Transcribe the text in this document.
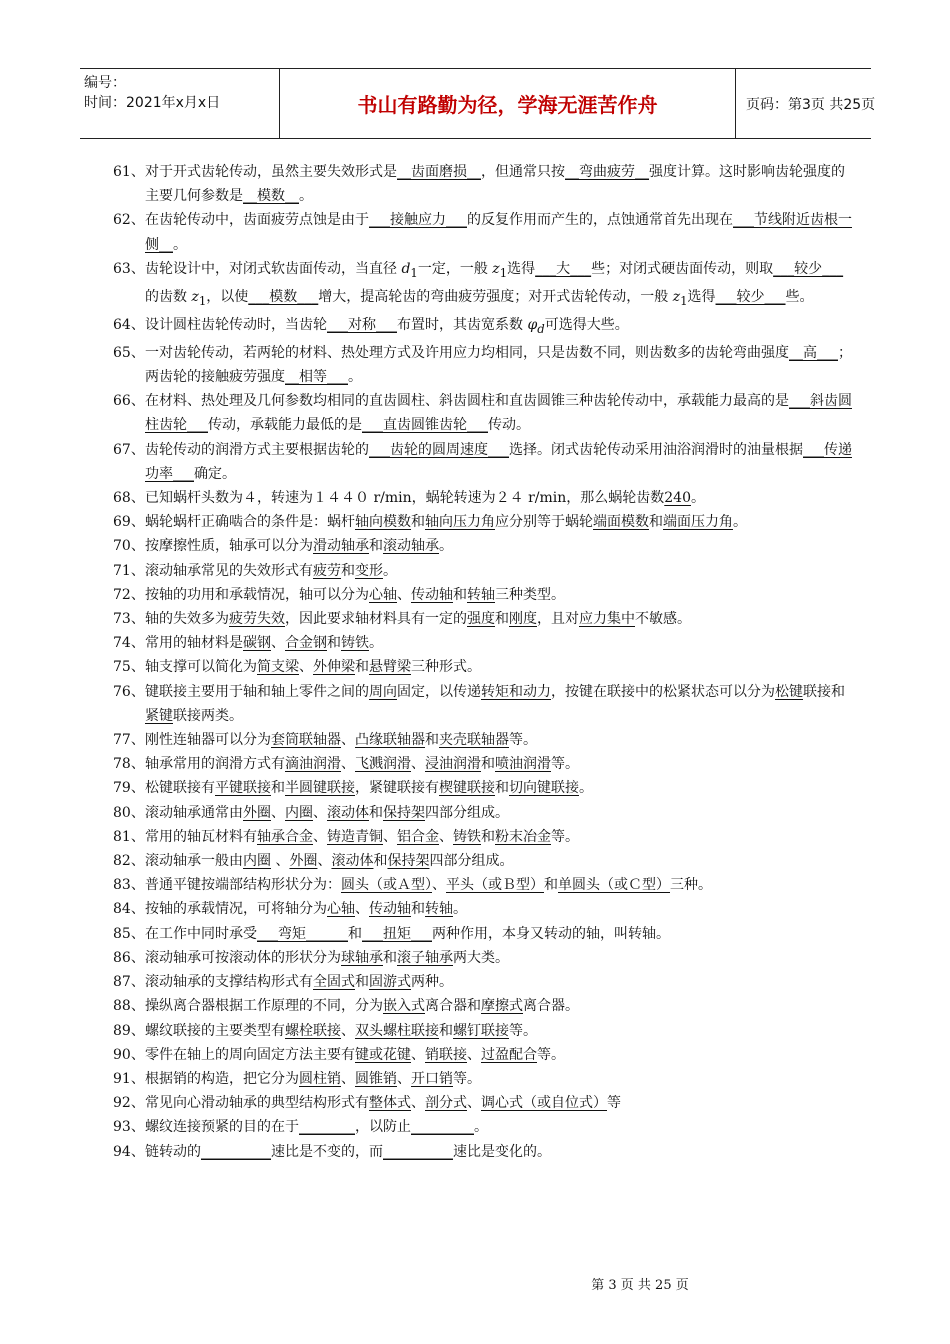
编号：
时间：2021年x月x日	书山有路勤为径，学海无涯苦作舟	页码：第3页 共25页
61、 对于开式齿轮传动，虽然主要失效形式是__齿面磨损__，但通常只按__弯曲疲劳__强度计算。这时影响齿轮强度的主要几何参数是__模数__。
62、 在齿轮传动中，齿面疲劳点蚀是由于___接触应力___的反复作用而产生的，点蚀通常首先出现在___节线附近齿根一侧__。
63、 齿轮设计中，对闭式软齿面传动，当直径 $d_1$一定，一般 $z_1$选得___大___些；对闭式硬齿面传动，则取___较少___的齿数 $z_1$，以使___模数___增大，提高轮齿的弯曲疲劳强度；对开式齿轮传动，一般 $z_1$选得___较少___些。
64、 设计圆柱齿轮传动时，当齿轮___对称___布置时，其齿宽系数 $\varphi_d$可选得大些。
65、 一对齿轮传动，若两轮的材料、热处理方式及许用应力均相同，只是齿数不同，则齿数多的齿轮弯曲强度__高___；两齿轮的接触疲劳强度__相等___。
66、 在材料、热处理及几何参数均相同的直齿圆柱、斜齿圆柱和直齿圆锥三种齿轮传动中，承载能力最高的是___斜齿圆柱齿轮___传动，承载能力最低的是___直齿圆锥齿轮___传动。
67、 齿轮传动的润滑方式主要根据齿轮的___齿轮的圆周速度___选择。闭式齿轮传动采用油浴润滑时的油量根据___传递功率___确定。
68、 已知蜗杆头数为４，转速为１４４０ r/min，蜗轮转速为２４ r/min，那么蜗轮齿数240。
69、 蜗轮蜗杆正确啮合的条件是：蜗杆轴向模数和轴向压力角应分别等于蜗轮端面模数和端面压力角。
70、 按摩擦性质，轴承可以分为滑动轴承和滚动轴承。
71、 滚动轴承常见的失效形式有疲劳和变形。
72、 按轴的功用和承载情况，轴可以分为心轴、传动轴和转轴三种类型。
73、 轴的失效多为疲劳失效，因此要求轴材料具有一定的强度和刚度，且对应力集中不敏感。
74、 常用的轴材料是碳钢、合金钢和铸铁。
75、 轴支撑可以简化为简支梁、外伸梁和悬臂梁三种形式。
76、 键联接主要用于轴和轴上零件之间的周向固定，以传递转矩和动力，按键在联接中的松紧状态可以分为松键联接和紧键联接两类。
77、 刚性连轴器可以分为套筒联轴器、凸缘联轴器和夹壳联轴器等。
78、 轴承常用的润滑方式有滴油润滑、飞溅润滑、浸油润滑和喷油润滑等。
79、 松键联接有平键联接和半圆键联接，紧键联接有楔键联接和切向键联接。
80、 滚动轴承通常由外圈、内圈、滚动体和保持架四部分组成。
81、 常用的轴瓦材料有轴承合金、铸造青铜、铝合金、铸铁和粉末冶金等。
82、 滚动轴承一般由内圈 、外圈、滚动体和保持架四部分组成。
83、 普通平键按端部结构形状分为：圆头（或Ａ型）、平头（或Ｂ型）和单圆头（或Ｃ型）三种。
84、 按轴的承载情况，可将轴分为心轴、传动轴和转轴。
85、 在工作中同时承受___弯矩______和___扭矩___两种作用，本身又转动的轴，叫转轴。
86、 滚动轴承可按滚动体的形状分为球轴承和滚子轴承两大类。
87、 滚动轴承的支撑结构形式有全固式和固游式两种。
88、 操纵离合器根据工作原理的不同，分为嵌入式离合器和摩擦式离合器。
89、 螺纹联接的主要类型有螺栓联接、双头螺柱联接和螺钉联接等。
90、 零件在轴上的周向固定方法主要有键或花键、销联接、过盈配合等。
91、 根据销的构造，把它分为圆柱销、圆锥销、开口销等。
92、 常见向心滑动轴承的典型结构形式有整体式、剖分式、调心式（或自位式）等
93、 螺纹连接预紧的目的在于________，以防止_________。
94、 链转动的__________速比是不变的，而__________速比是变化的。
第 3 页 共 25 页
